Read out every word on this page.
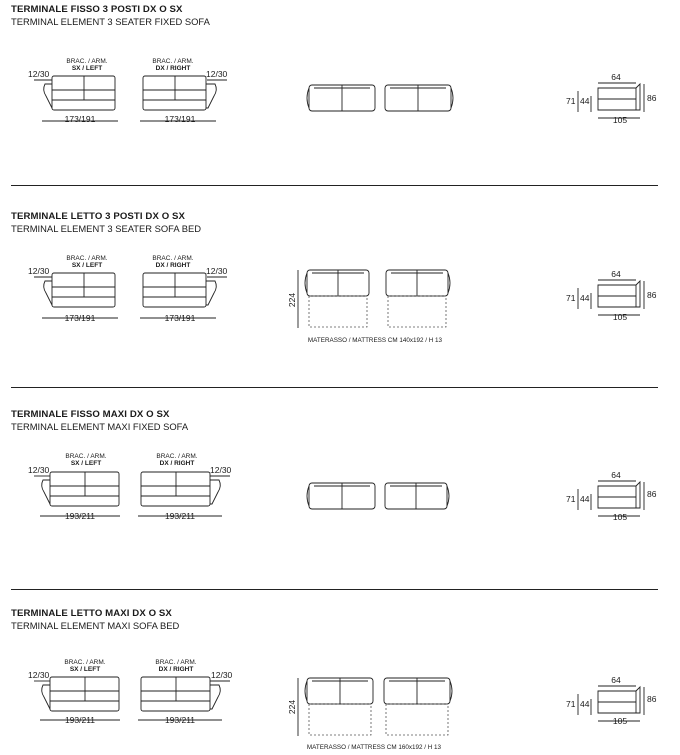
TERMINALE FISSO 3 POSTI DX O SX
TERMINAL ELEMENT 3 SEATER FIXED SOFA
BRAC. / ARM.
SX / LEFT
12/30
173/191
BRAC. / ARM.
DX / RIGHT
12/30
173/191
64
71 44	86
105
TERMINALE LETTO 3 POSTI DX O SX
TERMINAL ELEMENT 3 SEATER SOFA BED
BRAC. / ARM.
SX / LEFT
12/30
173/191
BRAC. / ARM.
DX / RIGHT
12/30
173/191
224
MATERASSO / MATTRESS CM 140x192 / H 13
64
71 44	86
105
TERMINALE FISSO MAXI DX O SX
TERMINAL ELEMENT MAXI FIXED SOFA
BRAC. / ARM.
SX / LEFT
12/30
193/211
BRAC. / ARM.
DX / RIGHT
12/30
193/211
64
71 44	86
105
TERMINALE LETTO MAXI DX O SX
TERMINAL ELEMENT MAXI SOFA BED
BRAC. / ARM.
SX / LEFT
12/30
193/211
BRAC. / ARM.
DX / RIGHT
12/30
193/211
224
MATERASSO / MATTRESS CM 160x192 / H 13
64
71 44	86
105
